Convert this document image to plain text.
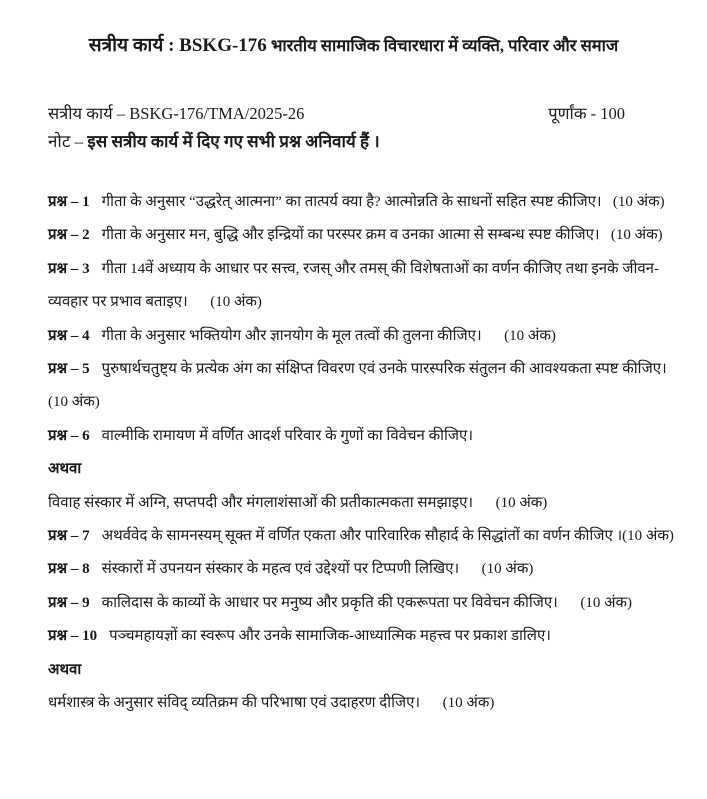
सत्रीय कार्य : BSKG-176 भारतीय सामाजिक विचारधारा में व्यक्ति, परिवार और समाज
सत्रीय कार्य – BSKG-176/TMA/2025-26	पूर्णांक - 100
नोट – इस सत्रीय कार्य में दिए गए सभी प्रश्न अनिवार्य हैं ।
प्रश्न – 1 गीता के अनुसार “उद्धरेत् आत्मना” का तात्पर्य क्या है? आत्मोन्नति के साधनों सहित स्पष्ट कीजिए।   (10 अंक)
प्रश्न – 2 गीता के अनुसार मन, बुद्धि और इन्द्रियों का परस्पर क्रम व उनका आत्मा से सम्बन्ध स्पष्ट कीजिए।   (10 अंक)
प्रश्न – 3 गीता 14वें अध्याय के आधार पर सत्त्व, रजस् और तमस् की विशेषताओं का वर्णन कीजिए तथा इनके जीवन-
व्यवहार पर प्रभाव बताइए।      (10 अंक)
प्रश्न – 4 गीता के अनुसार भक्तियोग और ज्ञानयोग के मूल तत्वों की तुलना कीजिए।      (10 अंक)
प्रश्न – 5 पुरुषार्थचतुष्ट्य के प्रत्येक अंग का संक्षिप्त विवरण एवं उनके पारस्परिक संतुलन की आवश्यकता स्पष्ट कीजिए।
(10 अंक)
प्रश्न – 6 वाल्मीकि रामायण में वर्णित आदर्श परिवार के गुणों का विवेचन कीजिए।
अथवा
विवाह संस्कार में अग्नि, सप्तपदी और मंगलाशंसाओं की प्रतीकात्मकता समझाइए।      (10 अंक)
प्रश्न – 7 अथर्ववेद के सामनस्यम् सूक्त में वर्णित एकता और पारिवारिक सौहार्द के सिद्धांतों का वर्णन कीजिए ।(10 अंक)
प्रश्न – 8 संस्कारों में उपनयन संस्कार के महत्व एवं उद्देश्यों पर टिप्पणी लिखिए।      (10 अंक)
प्रश्न – 9 कालिदास के काव्यों के आधार पर मनुष्य और प्रकृति की एकरूपता पर विवेचन कीजिए।      (10 अंक)
प्रश्न – 10 पञ्चमहायज्ञों का स्वरूप और उनके सामाजिक-आध्यात्मिक महत्त्व पर प्रकाश डालिए।
अथवा
धर्मशास्त्र के अनुसार संविद् व्यतिक्रम की परिभाषा एवं उदाहरण दीजिए।      (10 अंक)
